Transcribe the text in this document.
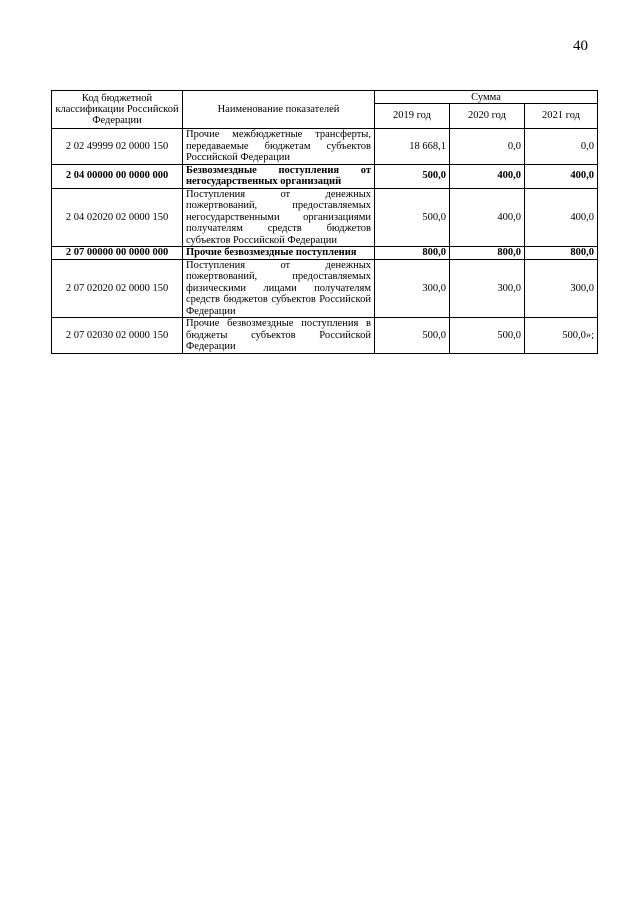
40
Код бюджетной классификации Российской Федерации	Наименование показателей	Сумма		
		2019 год	2020 год	2021 год
2 02 49999 02 0000 150	Прочие межбюджетные трансферты, передаваемые бюджетам субъектов Российской Федерации	18 668,1	0,0	0,0
2 04 00000 00 0000 000	Безвозмездные поступления от негосударственных организаций	500,0	400,0	400,0
2 04 02020 02 0000 150	Поступления от денежных пожертвований, предоставляемых негосударственными организациями получателям средств бюджетов субъектов Российской Федерации	500,0	400,0	400,0
2 07 00000 00 0000 000	Прочие безвозмездные поступления	800,0	800,0	800,0
2 07 02020 02 0000 150	Поступления от денежных пожертвований, предоставляемых физическими лицами получателям средств бюджетов субъектов Российской Федерации	300,0	300,0	300,0
2 07 02030 02 0000 150	Прочие безвозмездные поступления в бюджеты субъектов Российской Федерации	500,0	500,0	500,0»;
